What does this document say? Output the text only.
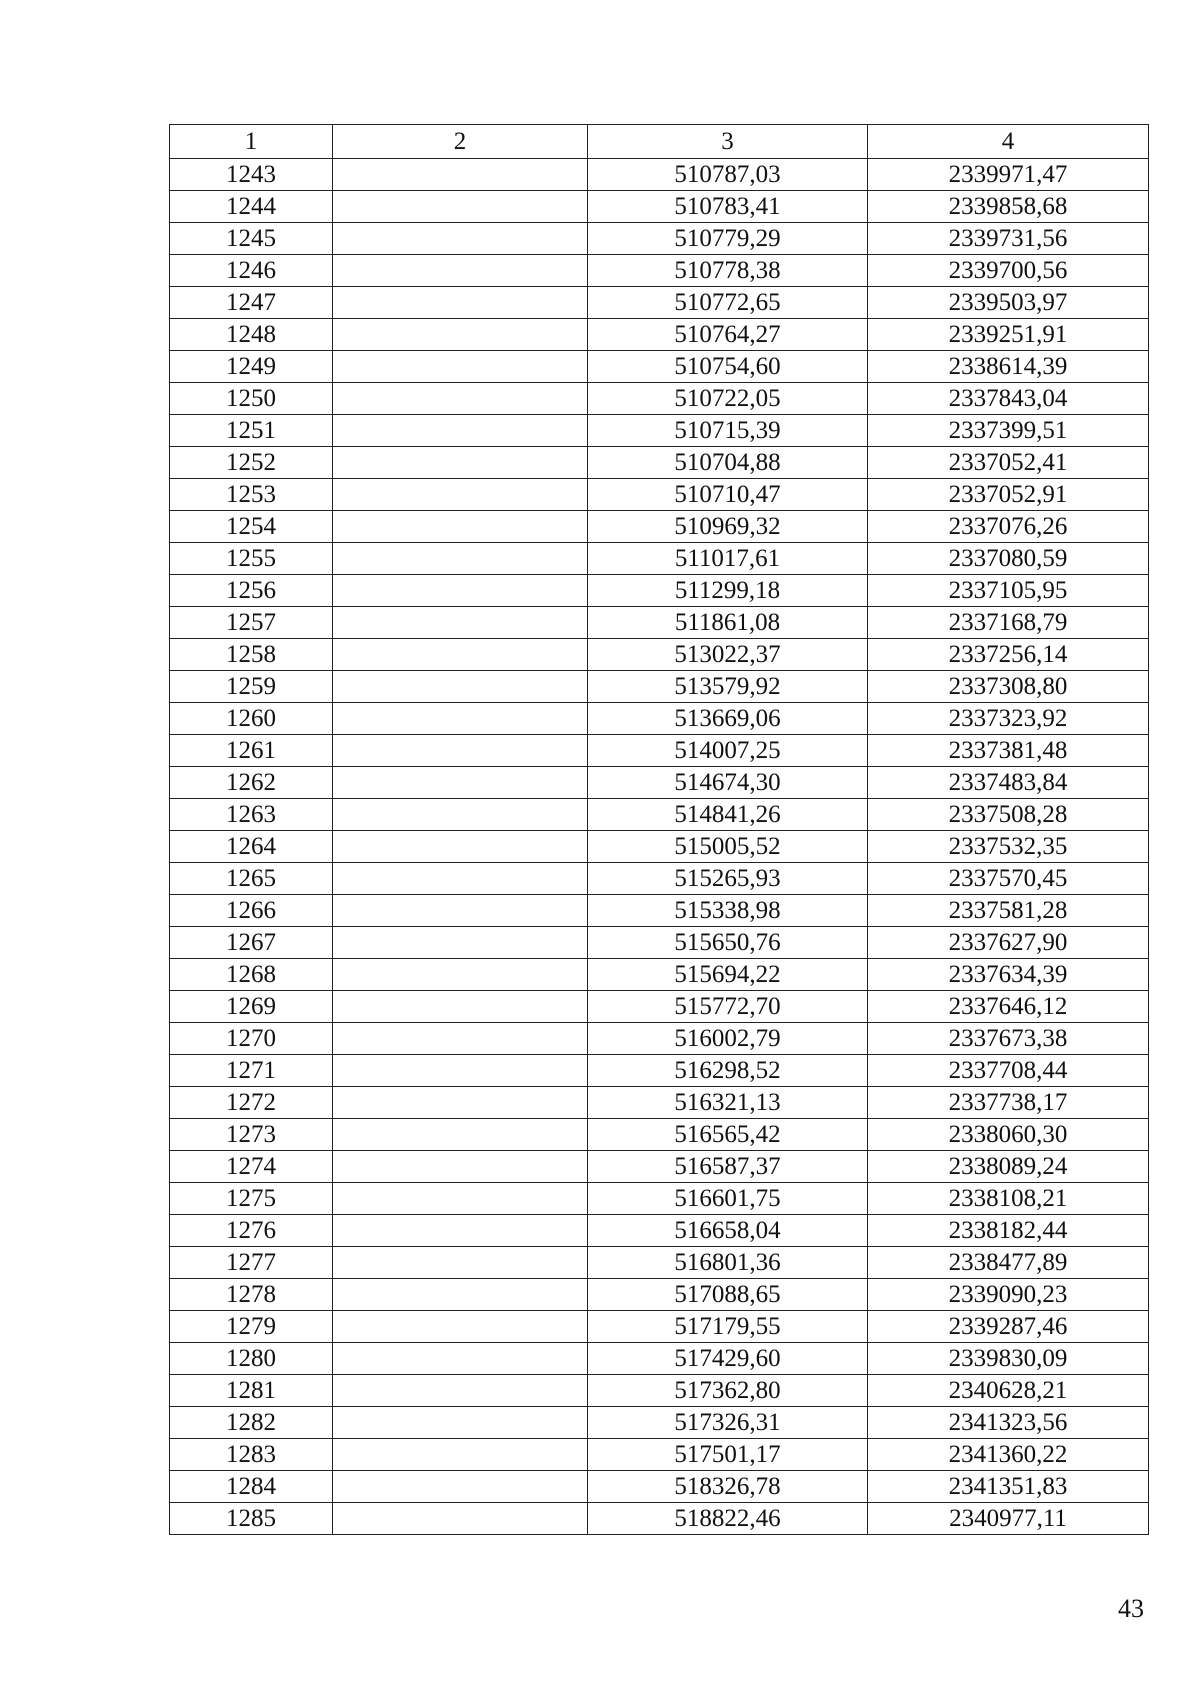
1	2	3	4
1243		510787,03	2339971,47
1244		510783,41	2339858,68
1245		510779,29	2339731,56
1246		510778,38	2339700,56
1247		510772,65	2339503,97
1248		510764,27	2339251,91
1249		510754,60	2338614,39
1250		510722,05	2337843,04
1251		510715,39	2337399,51
1252		510704,88	2337052,41
1253		510710,47	2337052,91
1254		510969,32	2337076,26
1255		511017,61	2337080,59
1256		511299,18	2337105,95
1257		511861,08	2337168,79
1258		513022,37	2337256,14
1259		513579,92	2337308,80
1260		513669,06	2337323,92
1261		514007,25	2337381,48
1262		514674,30	2337483,84
1263		514841,26	2337508,28
1264		515005,52	2337532,35
1265		515265,93	2337570,45
1266		515338,98	2337581,28
1267		515650,76	2337627,90
1268		515694,22	2337634,39
1269		515772,70	2337646,12
1270		516002,79	2337673,38
1271		516298,52	2337708,44
1272		516321,13	2337738,17
1273		516565,42	2338060,30
1274		516587,37	2338089,24
1275		516601,75	2338108,21
1276		516658,04	2338182,44
1277		516801,36	2338477,89
1278		517088,65	2339090,23
1279		517179,55	2339287,46
1280		517429,60	2339830,09
1281		517362,80	2340628,21
1282		517326,31	2341323,56
1283		517501,17	2341360,22
1284		518326,78	2341351,83
1285		518822,46	2340977,11
43
